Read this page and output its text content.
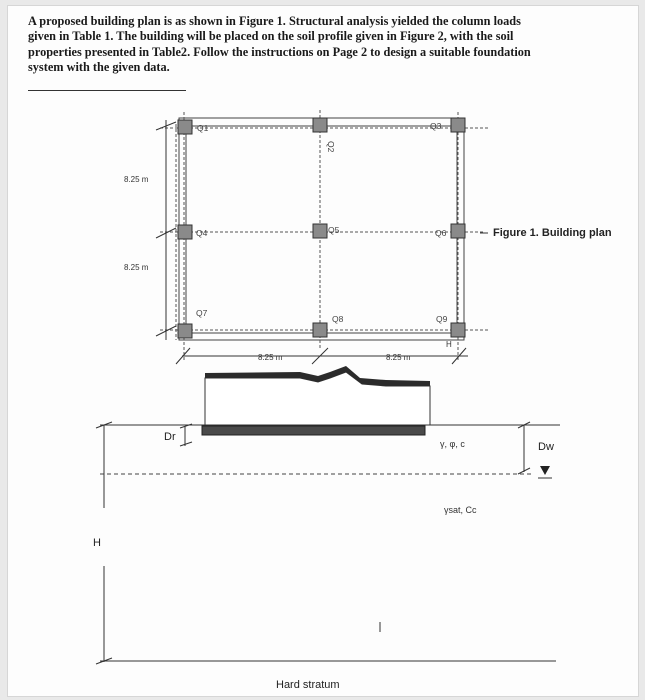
A proposed building plan is as shown in Figure 1. Structural analysis yielded the column loads
given in Table 1. The building will be placed on the soil profile given in Figure 2, with the soil
properties presented in Table2. Follow the instructions on Page 2 to design a suitable foundation
system with the given data.

Q1
Q2
Q3
Q4	Q5	Q6
Q7
Q8	Q9
8.25 m
8.25 m
8.25 m	8.25 m
H
Figure 1. Building plan
Dr
Dw
γ, φ, c
γsat, Cc
H
Hard stratum
